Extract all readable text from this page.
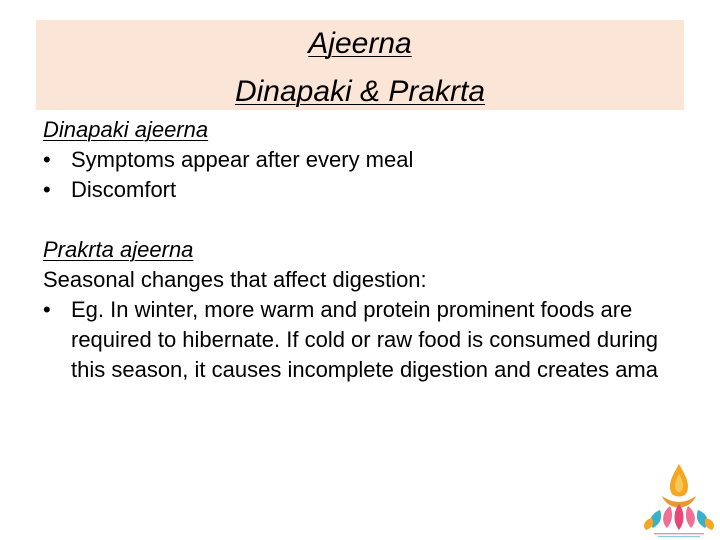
Ajeerna
Dinapaki & Prakrta
Dinapaki ajeerna
• Symptoms appear after every meal
• Discomfort
Prakrta ajeerna
Seasonal changes that affect digestion:
• Eg. In winter, more warm and protein prominent foods are required to hibernate. If cold or raw food is consumed during this season, it causes incomplete digestion and creates ama
